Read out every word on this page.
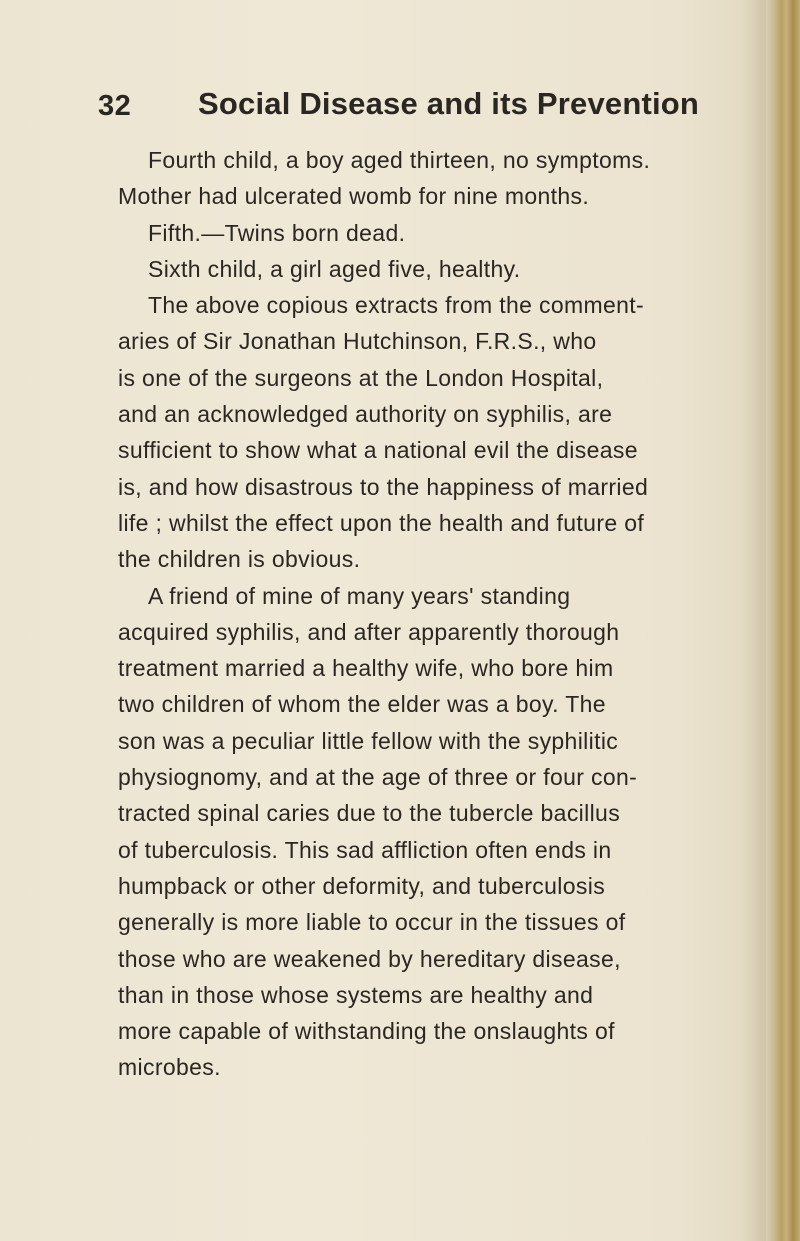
32 Social Disease and its Prevention
Fourth child, a boy aged thirteen, no symptoms.
Mother had ulcerated womb for nine months.
Fifth.—Twins born dead.
Sixth child, a girl aged five, healthy.
The above copious extracts from the comment-
aries of Sir Jonathan Hutchinson, F.R.S., who
is one of the surgeons at the London Hospital,
and an acknowledged authority on syphilis, are
sufficient to show what a national evil the disease
is, and how disastrous to the happiness of married
life ; whilst the effect upon the health and future of
the children is obvious.
A friend of mine of many years' standing
acquired syphilis, and after apparently thorough
treatment married a healthy wife, who bore him
two children of whom the elder was a boy. The
son was a peculiar little fellow with the syphilitic
physiognomy, and at the age of three or four con-
tracted spinal caries due to the tubercle bacillus
of tuberculosis. This sad affliction often ends in
humpback or other deformity, and tuberculosis
generally is more liable to occur in the tissues of
those who are weakened by hereditary disease,
than in those whose systems are healthy and
more capable of withstanding the onslaughts of
microbes.
